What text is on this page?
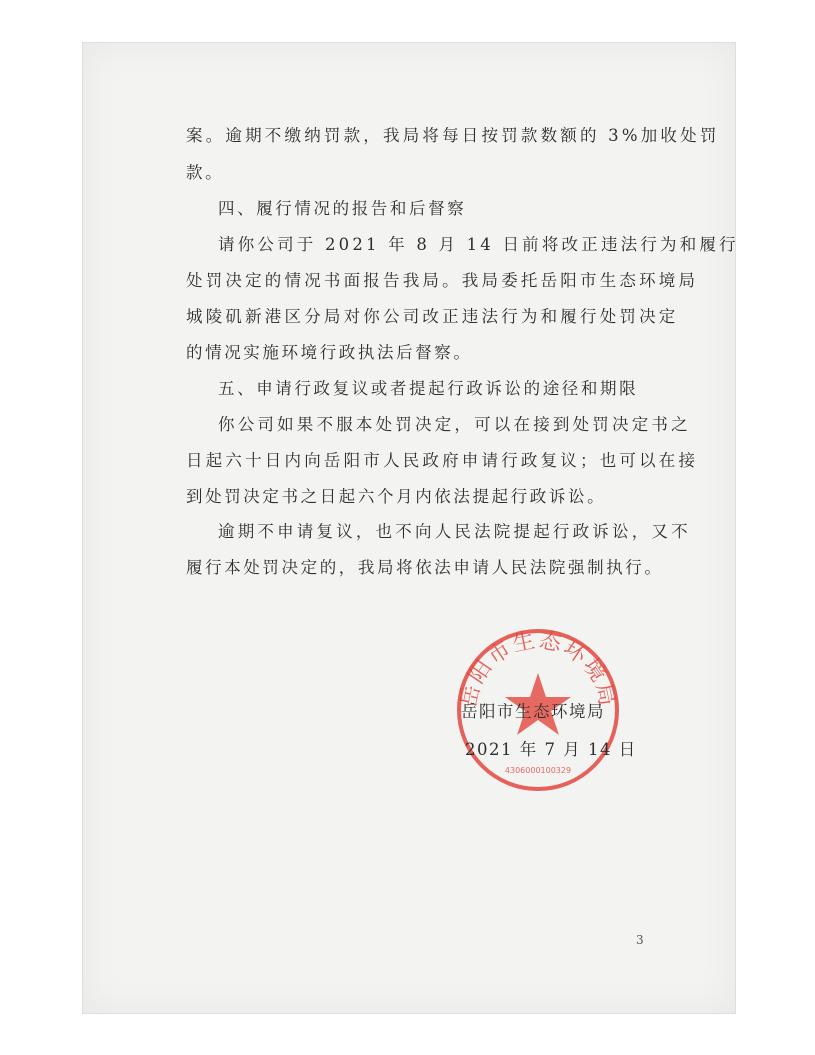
案。逾期不缴纳罚款，我局将每日按罚款数额的 3%加收处罚
款。
四、履行情况的报告和后督察
请你公司于 2021 年 8 月 14 日前将改正违法行为和履行
处罚决定的情况书面报告我局。我局委托岳阳市生态环境局
城陵矶新港区分局对你公司改正违法行为和履行处罚决定
的情况实施环境行政执法后督察。
五、申请行政复议或者提起行政诉讼的途径和期限
你公司如果不服本处罚决定，可以在接到处罚决定书之
日起六十日内向岳阳市人民政府申请行政复议；也可以在接
到处罚决定书之日起六个月内依法提起行政诉讼。
逾期不申请复议，也不向人民法院提起行政诉讼，又不
履行本处罚决定的，我局将依法申请人民法院强制执行。
岳阳市生态环境局
4306000100329
岳阳市生态环境局
2021 年 7 月 14 日
3
